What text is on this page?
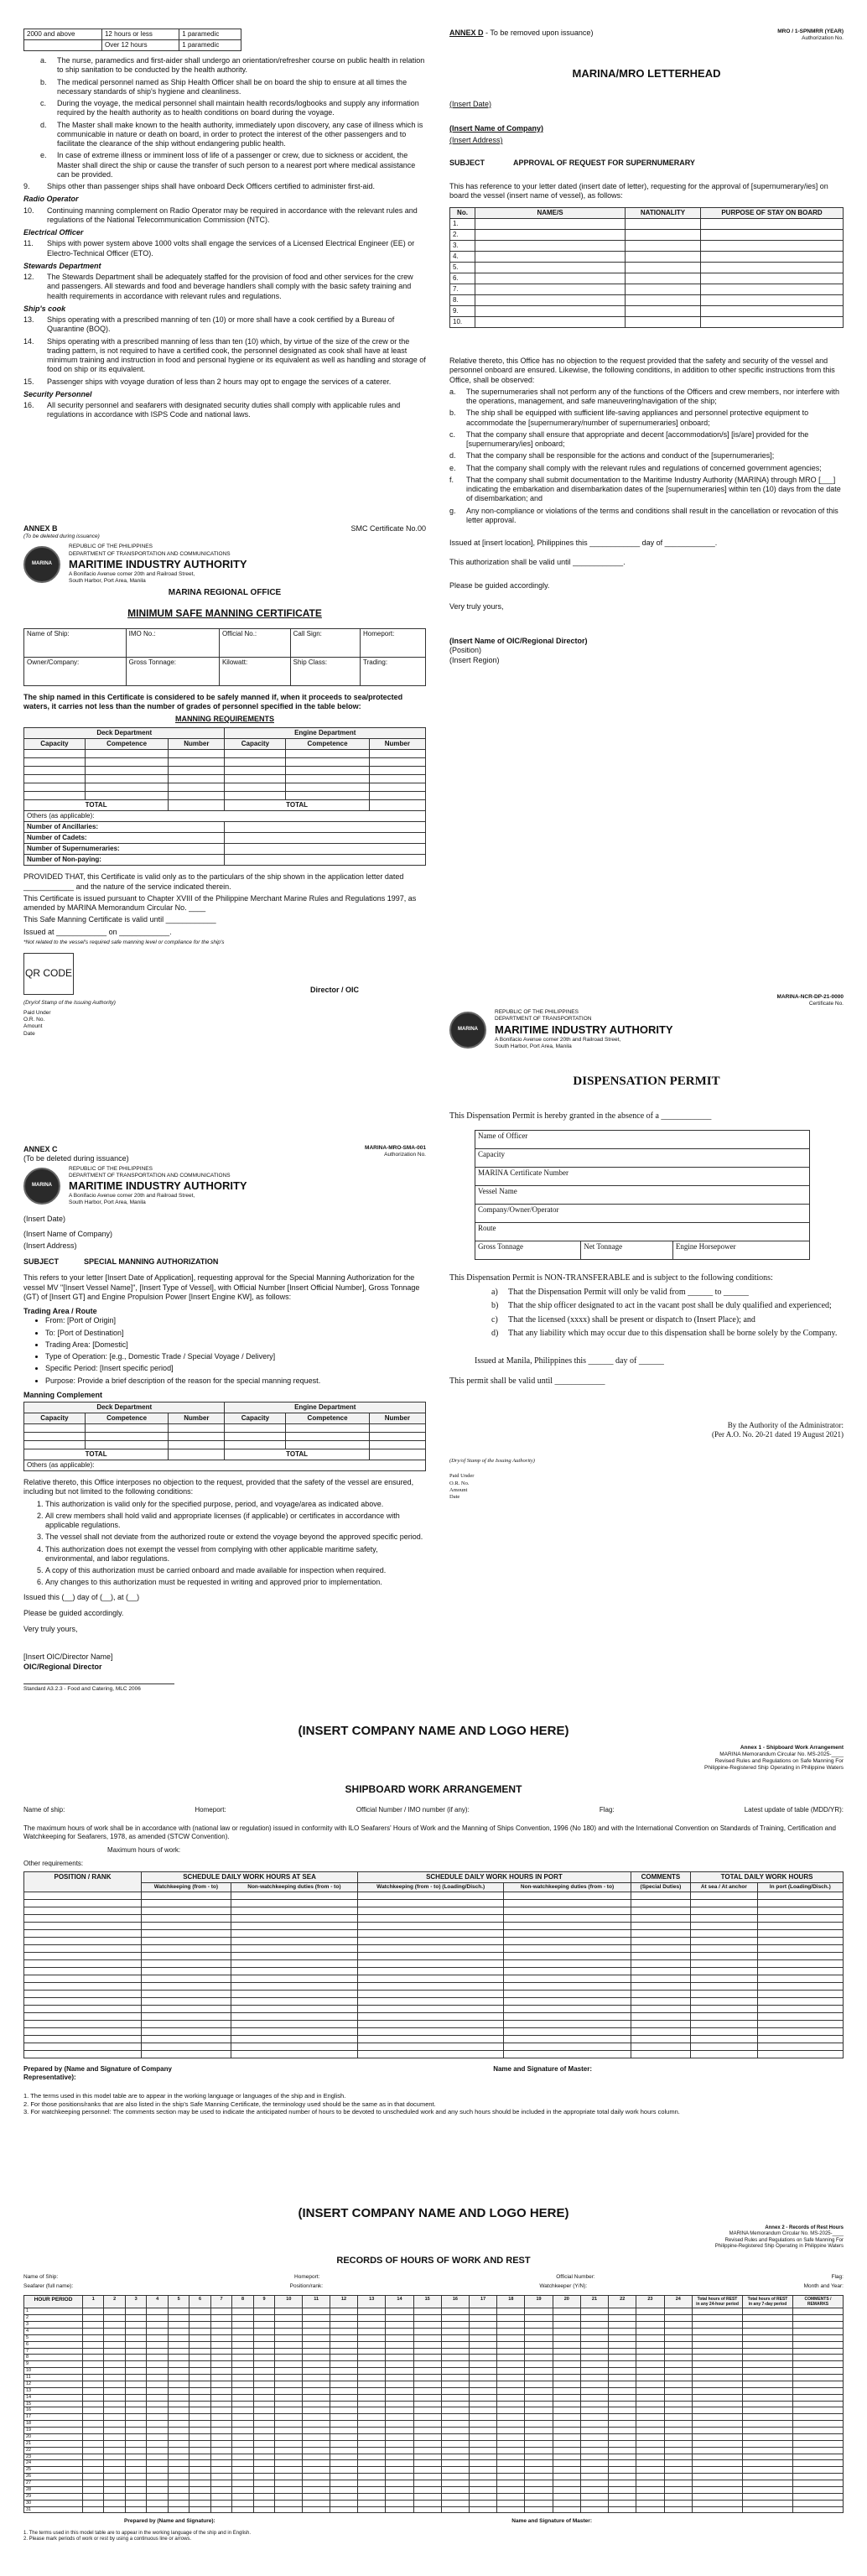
2000 and above	12 hours or less	1 paramedic
	Over 12 hours	1 paramedic
a.	The nurse, paramedics and first-aider shall undergo an orientation/refresher course on public health in relation to ship sanitation to be conducted by the health authority.
b.	The medical personnel named as Ship Health Officer shall be on board the ship to ensure at all times the necessary standards of ship's hygiene and cleanliness.
c.	During the voyage, the medical personnel shall maintain health records/logbooks and supply any information required by the health authority as to health conditions on board during the voyage.
d.	The Master shall make known to the health authority, immediately upon discovery, any case of illness which is communicable in nature or death on board, in order to protect the interest of the other passengers and to facilitate the clearance of the ship without endangering public health.
e.	In case of extreme illness or imminent loss of life of a passenger or crew, due to sickness or accident, the Master shall direct the ship or cause the transfer of such person to a nearest port where medical assistance can be provided.
9.	Ships other than passenger ships shall have onboard Deck Officers certified to administer first-aid.
Radio Operator
10.	Continuing manning complement on Radio Operator may be required in accordance with the relevant rules and regulations of the National Telecommunication Commission (NTC).
Electrical Officer
11.	Ships with power system above 1000 volts shall engage the services of a Licensed Electrical Engineer (EE) or Electro-Technical Officer (ETO).
Stewards Department
12.	The Stewards Department shall be adequately staffed for the provision of food and other services for the crew and passengers. All stewards and food and beverage handlers shall comply with the basic safety training and health requirements in accordance with relevant rules and regulations.
Ship's cook
13.	Ships operating with a prescribed manning of ten (10) or more shall have a cook certified by a Bureau of Quarantine (BOQ).
14.	Ships operating with a prescribed manning of less than ten (10) which, by virtue of the size of the crew or the trading pattern, is not required to have a certified cook, the personnel designated as cook shall have at least minimum training and instruction in food and personal hygiene or its equivalent as well as handling and storage of food on ship or its equivalent.
15.	Passenger ships with voyage duration of less than 2 hours may opt to engage the services of a caterer.
Security Personnel
16.	All security personnel and seafarers with designated security duties shall comply with applicable rules and regulations in accordance with ISPS Code and national laws.
ANNEX B
(To be deleted during issuance)
SMC Certificate No.00
MARINA
REPUBLIC OF THE PHILIPPINES
DEPARTMENT OF TRANSPORTATION AND COMMUNICATIONS
MARITIME INDUSTRY AUTHORITY
A Bonifacio Avenue corner 20th and Railroad Street,
South Harbor, Port Area, Manila
MARINA REGIONAL OFFICE
MINIMUM SAFE MANNING CERTIFICATE
Name of Ship:	IMO No.:	Official No.:	Call Sign:	Homeport:
Owner/Company:	Gross Tonnage:	Kilowatt:	Ship Class:	Trading:

The ship named in this Certificate is considered to be safely manned if, when it proceeds to sea/protected waters, it carries not less than the number of grades of personnel specified in the table below:

MANNING REQUIREMENTS
Deck Department			Engine Department		
Capacity	Competence	Number	Capacity	Competence	Number

TOTAL			TOTAL		
Others (as applicable):					
Number of Ancillaries:					
Number of Cadets:					
Number of Supernumeraries:					
Number of Non-paying:					

PROVIDED THAT, this Certificate is valid only as to the particulars of the ship shown in the application letter dated ____________ and the nature of the service indicated therein.

This Certificate is issued pursuant to Chapter XVIII of the Philippine Merchant Marine Rules and Regulations 1997, as amended by MARINA Memorandum Circular No. ____

This Safe Manning Certificate is valid until ____________

Issued at ____________ on ____________.

*Not related to the vessel's required safe manning level or compliance for the ship's

QR CODE
Director / OIC
(Dry/of Stamp of the Issuing Authority)
Paid Under
O.R. No.
Amount
Date
ANNEX C
(To be deleted during issuance)
MARINA-MRO-SMA-001
Authorization No.
MARINA
REPUBLIC OF THE PHILIPPINES
DEPARTMENT OF TRANSPORTATION AND COMMUNICATIONS
MARITIME INDUSTRY AUTHORITY
A Bonifacio Avenue corner 20th and Railroad Street,
South Harbor, Port Area, Manila

(Insert Date)

(Insert Name of Company)

(Insert Address)

SUBJECT	SPECIAL MANNING AUTHORIZATION

This refers to your letter [Insert Date of Application], requesting approval for the Special Manning Authorization for the vessel MV "[Insert Vessel Name]", [Insert Type of Vessel], with Official Number [Insert Official Number], Gross Tonnage (GT) of [Insert GT] and Engine Propulsion Power [Insert Engine KW], as follows:

Trading Area / Route
• From: [Port of Origin]
• To: [Port of Destination]
• Trading Area: [Domestic]
• Type of Operation: [e.g., Domestic Trade / Special Voyage / Delivery]
• Specific Period: [Insert specific period]
• Purpose: Provide a brief description of the reason for the special manning request.
Manning Complement
Deck Department			Engine Department		
Capacity	Competence	Number	Capacity	Competence	Number

TOTAL			TOTAL		
Others (as applicable):					

Relative thereto, this Office interposes no objection to the request, provided that the safety of the vessel are ensured, including but not limited to the following conditions:

1. This authorization is valid only for the specified purpose, period, and voyage/area as indicated above.
2. All crew members shall hold valid and appropriate licenses (if applicable) or certificates in accordance with applicable regulations.
3. The vessel shall not deviate from the authorized route or extend the voyage beyond the approved specific period.
4. This authorization does not exempt the vessel from complying with other applicable maritime safety, environmental, and labor regulations.
5. A copy of this authorization must be carried onboard and made available for inspection when required.
6. Any changes to this authorization must be requested in writing and approved prior to implementation.

Issued this (__) day of (__), at (__)

Please be guided accordingly.

Very truly yours,

[Insert OIC/Director Name]
OIC/Regional Director
Standard A3.2.3 - Food and Catering, MLC 2006
ANNEX D - To be removed upon issuance)	MRO / 1-SPNMRR (YEAR)
Authorization No.
MARINA/MRO LETTERHEAD

(Insert Date)

(Insert Name of Company)

(Insert Address)

SUBJECT	APPROVAL OF REQUEST FOR SUPERNUMERARY

This has reference to your letter dated (insert date of letter), requesting for the approval of [supernumerary/ies] on board the vessel (insert name of vessel), as follows:

No.	NAME/S	NATIONALITY	PURPOSE OF STAY ON BOARD
1.			
2.			
3.			
4.			
5.			
6.			
7.			
8.			
9.			
10.			

Relative thereto, this Office has no objection to the request provided that the safety and security of the vessel and personnel onboard are ensured. Likewise, the following conditions, in addition to other specific instructions from this Office, shall be observed:

a.	The supernumeraries shall not perform any of the functions of the Officers and crew members, nor interfere with the operations, management, and safe maneuvering/navigation of the ship;
b.	The ship shall be equipped with sufficient life-saving appliances and personnel protective equipment to accommodate the [supernumerary/number of supernumeraries] onboard;
c.	That the company shall ensure that appropriate and decent [accommodation/s] [is/are] provided for the [supernumerary/ies] onboard;
d.	That the company shall be responsible for the actions and conduct of the [supernumeraries];
e.	That the company shall comply with the relevant rules and regulations of concerned government agencies;
f.	That the company shall submit documentation to the Maritime Industry Authority (MARINA) through MRO [___] indicating the embarkation and disembarkation dates of the [supernumeraries] within ten (10) days from the date of disembarkation; and
g.	Any non-compliance or violations of the terms and conditions shall result in the cancellation or revocation of this letter approval.

Issued at [insert location], Philippines this ____________ day of ____________.

This authorization shall be valid until ____________.

Please be guided accordingly.

Very truly yours,

(Insert Name of OIC/Regional Director)
(Position)
(Insert Region)
MARINA-NCR-DP-21-0000
Certificate No.
MARINA
REPUBLIC OF THE PHILIPPINES
DEPARTMENT OF TRANSPORTATION
MARITIME INDUSTRY AUTHORITY
A Bonifacio Avenue corner 20th and Railroad Street,
South Harbor, Port Area, Manila
DISPENSATION PERMIT

This Dispensation Permit is hereby granted in the absence of a ____________

Name of Officer
Capacity
MARINA Certificate Number
Vessel Name
Company/Owner/Operator
Route
Gross Tonnage	Net Tonnage	Engine Horsepower

This Dispensation Permit is NON-TRANSFERABLE and is subject to the following conditions:

a)	That the Dispensation Permit will only be valid from ______ to ______
b)	That the ship officer designated to act in the vacant post shall be duly qualified and experienced;
c)	That the licensed (xxxx) shall be present or dispatch to (Insert Place); and
d)	That any liability which may occur due to this dispensation shall be borne solely by the Company.

Issued at Manila, Philippines this ______ day of ______

This permit shall be valid until ____________

By the Authority of the Administrator:
(Per A.O. No. 20-21 dated 19 August 2021)
(Dry/of Stamp of the Issuing Authority)
Paid Under
O.R. No.
Amount
Date
(INSERT COMPANY NAME AND LOGO HERE)
Annex 1 - Shipboard Work Arrangement
MARINA Memorandum Circular No. MS-2025-____
Revised Rules and Regulations on Safe Manning For
Philippine-Registered Ship Operating in Philippine Waters
SHIPBOARD WORK ARRANGEMENT
Name of ship:	Homeport:	Official Number / IMO number (if any):	Flag:	Latest update of table (MDD/YR):

The maximum hours of work shall be in accordance with (national law or regulation) issued in conformity with ILO Seafarers' Hours of Work and the Manning of Ships Convention, 1996 (No 180) and with the International Convention on Standards of Training, Certification and Watchkeeping for Seafarers, 1978, as amended (STCW Convention).

Maximum hours of work:

Other requirements:

POSITION / RANK	SCHEDULE DAILY WORK HOURS AT SEA		SCHEDULE DAILY WORK HOURS IN PORT		COMMENTS	TOTAL DAILY WORK HOURS	
	Watchkeeping (from - to)	Non-watchkeeping duties (from - to)	Watchkeeping (from - to) (Loading/Disch.)	Non-watchkeeping duties (from - to)	(Special Duties)	At sea / At anchor	In port (Loading/Disch.)

Prepared by (Name and Signature of Company Representative):
Name and Signature of Master:
1. The terms used in this model table are to appear in the working language or languages of the ship and in English.
2. For those positions/ranks that are also listed in the ship's Safe Manning Certificate, the terminology used should be the same as in that document.
3. For watchkeeping personnel: The comments section may be used to indicate the anticipated number of hours to be devoted to unscheduled work and any such hours should be included in the appropriate total daily work hours column.
(INSERT COMPANY NAME AND LOGO HERE)
Annex 2 - Records of Rest Hours
MARINA Memorandum Circular No. MS-2025-____
Revised Rules and Regulations on Safe Manning For
Philippine-Registered Ship Operating in Philippine Waters
RECORDS OF HOURS OF WORK AND REST
Name of Ship:	Homeport:	Official Number:	Flag:
Seafarer (full name):	Position/rank:	Watchkeeper (Y/N):	Month and Year:
HOUR PERIOD	1	2	3	4	5	6	7	8	9	10	11	12	13	14	15	16	17	18	19	20	21	22	23	24	Total hours of REST in any 24-hour period	Total hours of REST in any 7-day period	COMMENTS / REMARKS
1																											
2																											
3																											
4																											
5																											
6																											
7																											
8																											
9																											
10																											
11																											
12																											
13																											
14																											
15																											
16																											
17																											
18																											
19																											
20																											
21																											
22																											
23																											
24																											
25																											
26																											
27																											
28																											
29																											
30																											
31																											
Prepared by (Name and Signature):	Name and Signature of Master:
1. The terms used in this model table are to appear in the working language of the ship and in English.
2. Please mark periods of work or rest by using a continuous line or arrows.
